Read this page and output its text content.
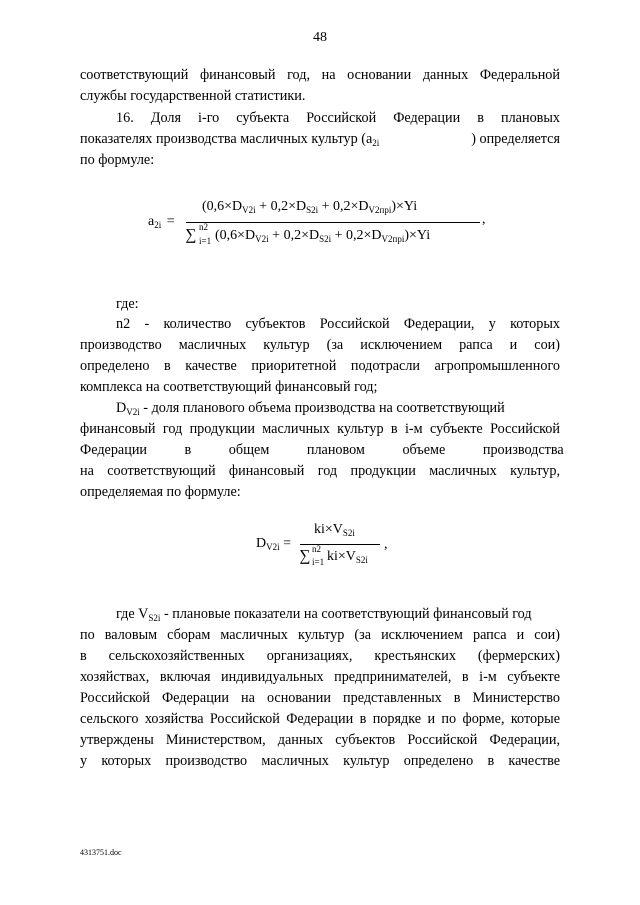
48
соответствующий финансовый год, на основании данных Федеральной
службы государственной статистики.
16. Доля i-го субъекта Российской Федерации в плановых
показателях производства масличных культур ($a_{2i}$	) определяется
по формуле:
$a_{2i}$ =
$(0,6\times D_{V2i} + 0,2\times D_{S2i} + 0,2\times D_{V2пpi})\times Yi$
∑ n2
i=1 $(0,6\times D_{V2i} + 0,2\times D_{S2i} + 0,2\times D_{V2пpi})\times Yi$
,
где:
n2 - количество субъектов Российской Федерации, у которых
производство масличных культур (за исключением рапса и сои)
определено в качестве приоритетной подотрасли агропромышленного
комплекса на соответствующий финансовый год;
$D_{V2i}$ - доля планового объема производства на соответствующий
финансовый год продукции масличных культур в i-м субъекте Российской
Федерации в общем плановом объеме производства
на соответствующий финансовый год продукции масличных культур,
определяемая по формуле:
$D_{V2i}$ =
$ki\times V_{S2i}$
∑ n2
i=1 $ki\times V_{S2i}$
,
где $V_{S2i}$ - плановые показатели на соответствующий финансовый год
по валовым сборам масличных культур (за исключением рапса и сои)
в сельскохозяйственных организациях, крестьянских (фермерских)
хозяйствах, включая индивидуальных предпринимателей, в i-м субъекте
Российской Федерации на основании представленных в Министерство
сельского хозяйства Российской Федерации в порядке и по форме, которые
утверждены Министерством, данных субъектов Российской Федерации,
у которых производство масличных культур определено в качестве
4313751.doc
